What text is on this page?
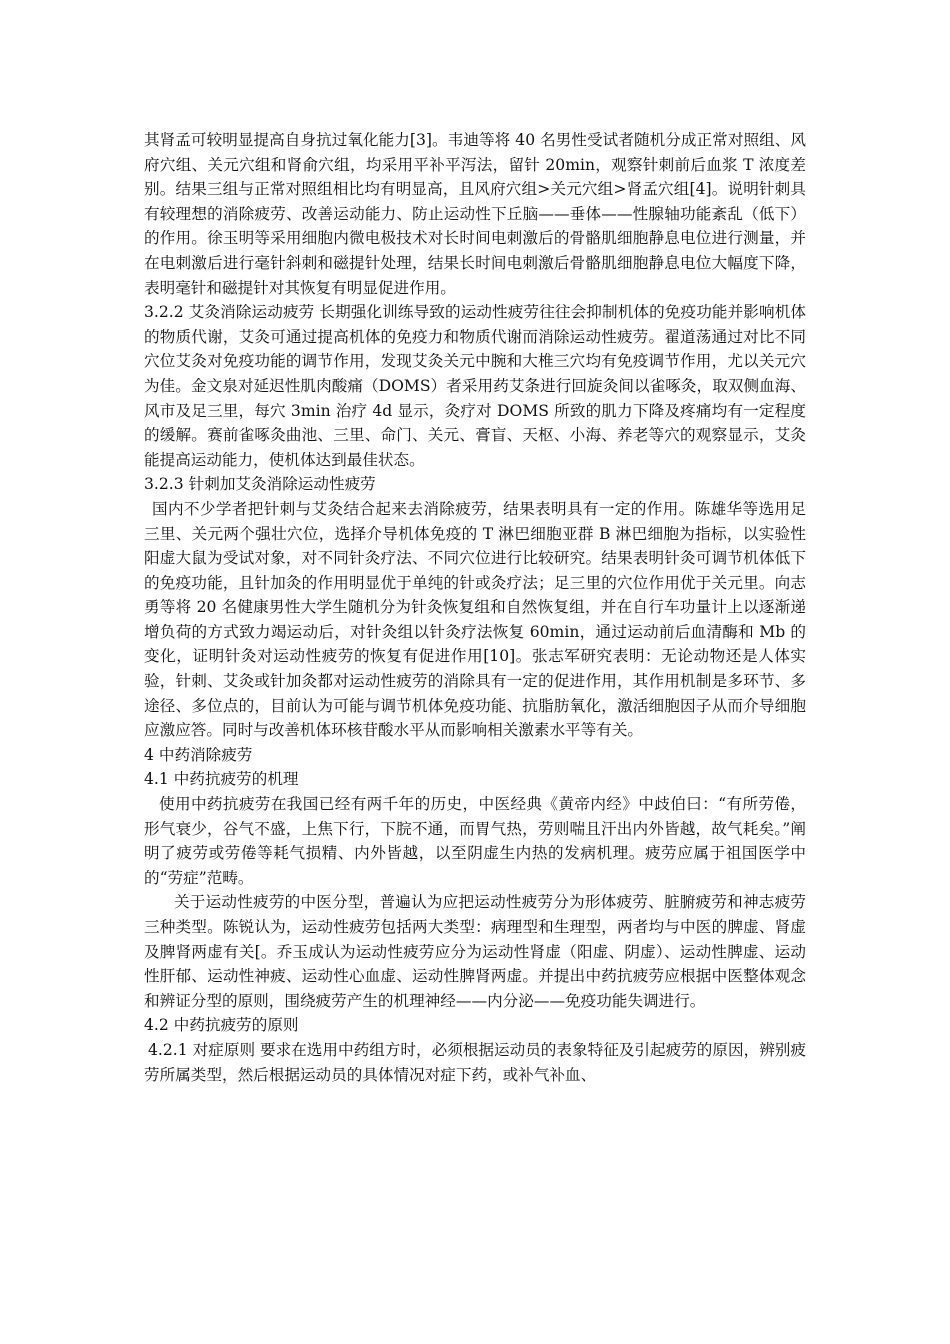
其肾孟可较明显提高自身抗过氧化能力[3]。韦迪等将 40 名男性受试者随机分成正常对照组、风府穴组、关元穴组和肾俞穴组，均采用平补平泻法，留针 20min，观察针刺前后血浆 T 浓度差别。结果三组与正常对照组相比均有明显高，且风府穴组>关元穴组>肾孟穴组[4]。说明针刺具有较理想的消除疲劳、改善运动能力、防止运动性下丘脑——垂体——性腺轴功能紊乱（低下）的作用。徐玉明等采用细胞内微电极技术对长时间电刺激后的骨骼肌细胞静息电位进行测量，并在电刺激后进行毫针斜刺和磁提针处理，结果长时间电刺激后骨骼肌细胞静息电位大幅度下降，表明毫针和磁提针对其恢复有明显促进作用。

3.2.2 艾灸消除运动疲劳 长期强化训练导致的运动性疲劳往往会抑制机体的免疫功能并影响机体的物质代谢，艾灸可通过提高机体的免疫力和物质代谢而消除运动性疲劳。翟道荡通过对比不同穴位艾灸对免疫功能的调节作用，发现艾灸关元中腕和大椎三穴均有免疫调节作用，尤以关元穴为佳。金文泉对延迟性肌肉酸痛（DOMS）者采用药艾条进行回旋灸间以雀啄灸，取双侧血海、风市及足三里，每穴 3min 治疗 4d 显示，灸疗对 DOMS 所致的肌力下降及疼痛均有一定程度的缓解。赛前雀啄灸曲池、三里、命门、关元、膏盲、天枢、小海、养老等穴的观察显示，艾灸能提高运动能力，使机体达到最佳状态。

3.2.3 针刺加艾灸消除运动性疲劳

国内不少学者把针刺与艾灸结合起来去消除疲劳，结果表明具有一定的作用。陈雄华等选用足三里、关元两个强壮穴位，选择介导机体免疫的 T 淋巴细胞亚群 B 淋巴细胞为指标，以实验性阳虚大鼠为受试对象，对不同针灸疗法、不同穴位进行比较研究。结果表明针灸可调节机体低下的免疫功能，且针加灸的作用明显优于单纯的针或灸疗法；足三里的穴位作用优于关元里。向志勇等将 20 名健康男性大学生随机分为针灸恢复组和自然恢复组，并在自行车功量计上以逐渐递增负荷的方式致力竭运动后，对针灸组以针灸疗法恢复 60min，通过运动前后血清酶和 Mb 的变化，证明针灸对运动性疲劳的恢复有促进作用[10]。张志军研究表明：无论动物还是人体实验，针刺、艾灸或针加灸都对运动性疲劳的消除具有一定的促进作用，其作用机制是多环节、多途径、多位点的，目前认为可能与调节机体免疫功能、抗脂肪氧化，激活细胞因子从而介导细胞应激应答。同时与改善机体环核苷酸水平从而影响相关激素水平等有关。

4 中药消除疲劳

4.1 中药抗疲劳的机理

使用中药抗疲劳在我国已经有两千年的历史，中医经典《黄帝内经》中歧伯曰：“有所劳倦，形气衰少，谷气不盛，上焦下行，下脘不通，而胃气热，劳则喘且汗出内外皆越，故气耗矣。”阐明了疲劳或劳倦等耗气损精、内外皆越，以至阴虚生内热的发病机理。疲劳应属于祖国医学中的“劳症”范畴。

关于运动性疲劳的中医分型，普遍认为应把运动性疲劳分为形体疲劳、脏腑疲劳和神志疲劳三种类型。陈锐认为，运动性疲劳包括两大类型：病理型和生理型，两者均与中医的脾虚、肾虚及脾肾两虚有关[。乔玉成认为运动性疲劳应分为运动性肾虚（阳虚、阴虚）、运动性脾虚、运动性肝郁、运动性神疲、运动性心血虚、运动性脾肾两虚。并提出中药抗疲劳应根据中医整体观念和辨证分型的原则，围绕疲劳产生的机理神经——内分泌——免疫功能失调进行。

4.2 中药抗疲劳的原则

4.2.1 对症原则 要求在选用中药组方时，必须根据运动员的表象特征及引起疲劳的原因，辨别疲劳所属类型，然后根据运动员的具体情况对症下药，或补气补血、
